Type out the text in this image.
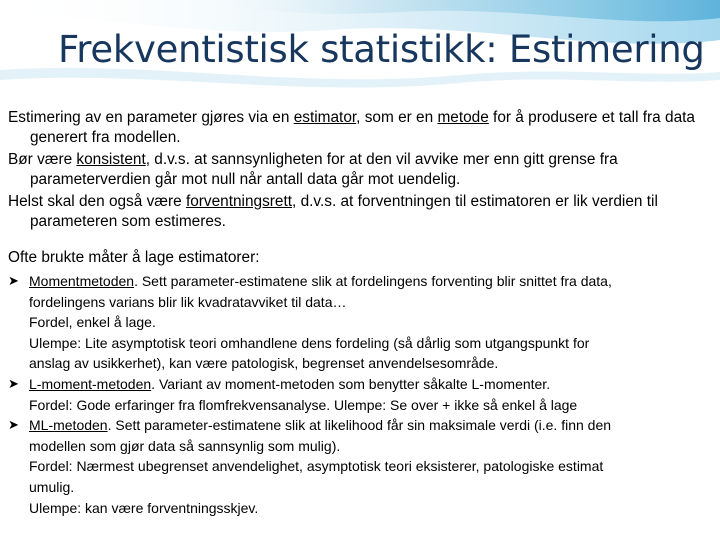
Frekventistisk statistikk: Estimering

Estimering av en parameter gjøres via en estimator, som er en metode for å produsere et tall fra data generert fra modellen.

Bør være konsistent, d.v.s. at sannsynligheten for at den vil avvike mer enn gitt grense fra parameterverdien går mot null når antall data går mot uendelig.

Helst skal den også være forventningsrett, d.v.s. at forventningen til estimatoren er lik verdien til parameteren som estimeres.

Ofte brukte måter å lage estimatorer:

➤ Momentmetoden. Sett parameter-estimatene slik at fordelingens forventing blir snittet fra data,
fordelingens varians blir lik kvadratavviket til data…
Fordel, enkel å lage.
Ulempe: Lite asymptotisk teori omhandlene dens fordeling (så dårlig som utgangspunkt for
anslag av usikkerhet), kan være patologisk, begrenset anvendelsesområde.
➤ L-moment-metoden. Variant av moment-metoden som benytter såkalte L-momenter.
Fordel: Gode erfaringer fra flomfrekvensanalyse. Ulempe: Se over + ikke så enkel å lage
➤ ML-metoden. Sett parameter-estimatene slik at likelihood får sin maksimale verdi (i.e. finn den
modellen som gjør data så sannsynlig som mulig).
Fordel: Nærmest ubegrenset anvendelighet, asymptotisk teori eksisterer, patologiske estimat
umulig.
Ulempe: kan være forventningsskjev.
